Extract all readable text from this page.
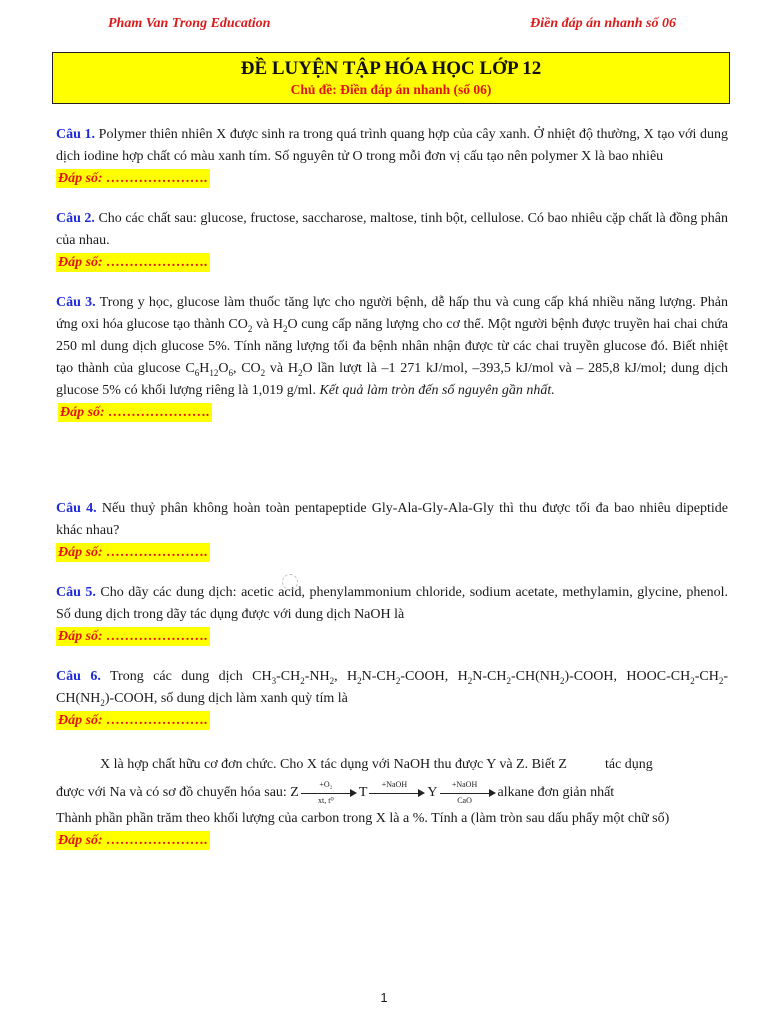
Pham Van Trong Education	Điền đáp án nhanh số 06
ĐỀ LUYỆN TẬP HÓA HỌC LỚP 12
Chủ đề: Điền đáp án nhanh (số 06)

Câu 1. Polymer thiên nhiên X được sinh ra trong quá trình quang hợp của cây xanh. Ở nhiệt độ thường, X tạo với dung dịch iodine hợp chất có màu xanh tím. Số nguyên tử O trong mỗi đơn vị cấu tạo nên polymer X là bao nhiêu

Đáp số: ………………….

Câu 2. Cho các chất sau: glucose, fructose, saccharose, maltose, tinh bột, cellulose. Có bao nhiêu cặp chất là đồng phân của nhau.

Đáp số: ………………….

Câu 3. Trong y học, glucose làm thuốc tăng lực cho người bệnh, dễ hấp thu và cung cấp khá nhiều năng lượng. Phản ứng oxi hóa glucose tạo thành $CO_2$ và $H_2O$ cung cấp năng lượng cho cơ thể. Một người bệnh được truyền hai chai chứa 250 ml dung dịch glucose 5%. Tính năng lượng tối đa bệnh nhân nhận được từ các chai truyền glucose đó. Biết nhiệt tạo thành của glucose $C_6H_{12}O_6$, $CO_2$ và $H_2O$ lần lượt là –1 271 kJ/mol, –393,5 kJ/mol và – 285,8 kJ/mol; dung dịch glucose 5% có khối lượng riêng là 1,019 g/ml. Kết quả làm tròn đến số nguyên gần nhất.

Đáp số: ………………….

Câu 4. Nếu thuỷ phân không hoàn toàn pentapeptide Gly-Ala-Gly-Ala-Gly thì thu được tối đa bao nhiêu dipeptide khác nhau?

Đáp số: ………………….

Câu 5. Cho dãy các dung dịch: acetic acid, phenylammonium chloride, sodium acetate, methylamin, glycine, phenol. Số dung dịch trong dãy tác dụng được với dung dịch NaOH là

Đáp số: ………………….

Câu 6. Trong các dung dịch $CH_3-CH_2-NH_2$, $H_2N-CH_2$-COOH, $H_2N-CH_2-CH(NH_2)$-COOH, HOOC-$CH_2-CH_2-CH(NH_2)$-COOH, số dung dịch làm xanh quỳ tím là

Đáp số: ………………….

X là hợp chất hữu cơ đơn chức. Cho X tác dụng với NaOH thu được Y và Z. Biết Z	tác dụng

được với Na và có sơ đồ chuyển hóa sau: Z $\frac{\text{+O₂}}{\text{xt, t⁰}}$ T
+NaOH
Y
+NaOH
CaO
alkane đơn giản nhất

Thành phần phần trăm theo khối lượng của carbon trong X là a %. Tính a (làm tròn sau dấu phẩy một chữ số)

Đáp số: ………………….
1
